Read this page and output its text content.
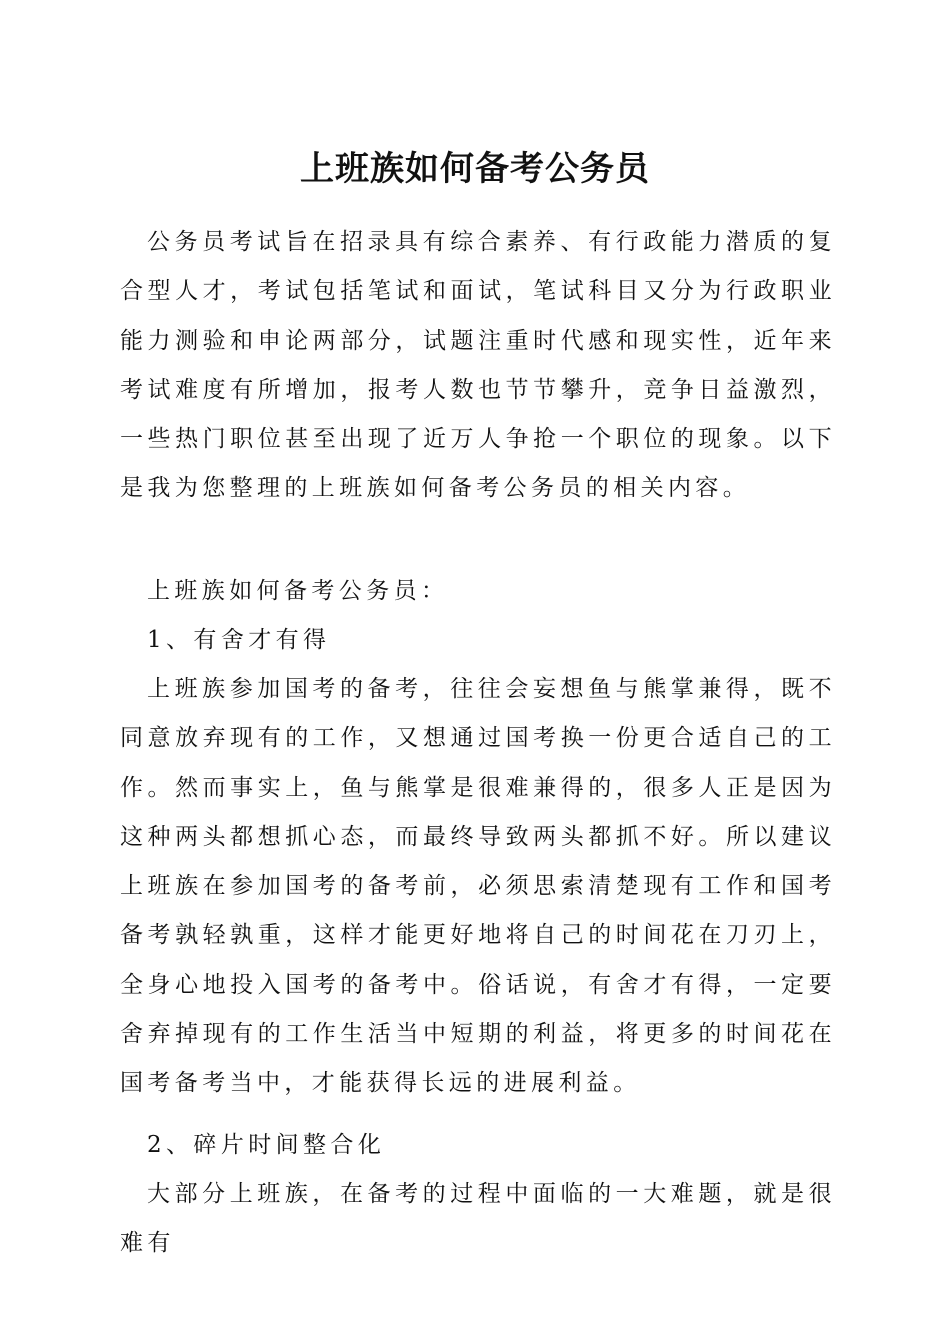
上班族如何备考公务员

公务员考试旨在招录具有综合素养、有行政能力潜质的复合型人才，考试包括笔试和面试，笔试科目又分为行政职业能力测验和申论两部分，试题注重时代感和现实性，近年来考试难度有所增加，报考人数也节节攀升，竞争日益激烈，一些热门职位甚至出现了近万人争抢一个职位的现象。以下是我为您整理的上班族如何备考公务员的相关内容。

上班族如何备考公务员：

1、有舍才有得

上班族参加国考的备考，往往会妄想鱼与熊掌兼得，既不同意放弃现有的工作，又想通过国考换一份更合适自己的工作。然而事实上，鱼与熊掌是很难兼得的，很多人正是因为这种两头都想抓心态，而最终导致两头都抓不好。所以建议上班族在参加国考的备考前，必须思索清楚现有工作和国考备考孰轻孰重，这样才能更好地将自己的时间花在刀刃上，全身心地投入国考的备考中。俗话说，有舍才有得，一定要舍弃掉现有的工作生活当中短期的利益，将更多的时间花在国考备考当中，才能获得长远的进展利益。

2、碎片时间整合化

大部分上班族，在备考的过程中面临的一大难题，就是很难有
